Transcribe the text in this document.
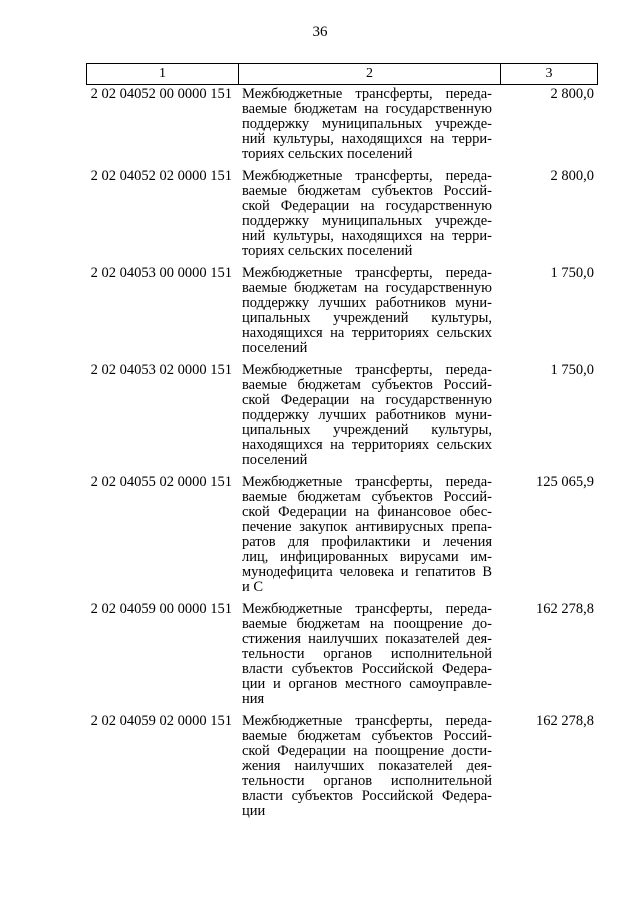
36
1	2	3
2 02 04052 00 0000 151 Межбюджетные трансферты, переда-
ваемые бюджетам на государственную
поддержку муниципальных учрежде-
ний культуры, находящихся на терри-
ториях сельских поселений
2 800,0
2 02 04052 02 0000 151 Межбюджетные трансферты, переда-
ваемые бюджетам субъектов Россий-
ской Федерации на государственную
поддержку муниципальных учрежде-
ний культуры, находящихся на терри-
ториях сельских поселений
2 800,0
2 02 04053 00 0000 151 Межбюджетные трансферты, переда-
ваемые бюджетам на государственную
поддержку лучших работников муни-
ципальных учреждений культуры,
находящихся на территориях сельских
поселений
1 750,0
2 02 04053 02 0000 151 Межбюджетные трансферты, переда-
ваемые бюджетам субъектов Россий-
ской Федерации на государственную
поддержку лучших работников муни-
ципальных учреждений культуры,
находящихся на территориях сельских
поселений
1 750,0
2 02 04055 02 0000 151 Межбюджетные трансферты, переда-
ваемые бюджетам субъектов Россий-
ской Федерации на финансовое обес-
печение закупок антивирусных препа-
ратов для профилактики и лечения
лиц, инфицированных вирусами им-
мунодефицита человека и гепатитов В
и С
125 065,9
2 02 04059 00 0000 151 Межбюджетные трансферты, переда-
ваемые бюджетам на поощрение до-
стижения наилучших показателей дея-
тельности органов исполнительной
власти субъектов Российской Федера-
ции и органов местного самоуправле-
ния
162 278,8
2 02 04059 02 0000 151 Межбюджетные трансферты, переда-
ваемые бюджетам субъектов Россий-
ской Федерации на поощрение дости-
жения наилучших показателей дея-
тельности органов исполнительной
власти субъектов Российской Федера-
ции
162 278,8
